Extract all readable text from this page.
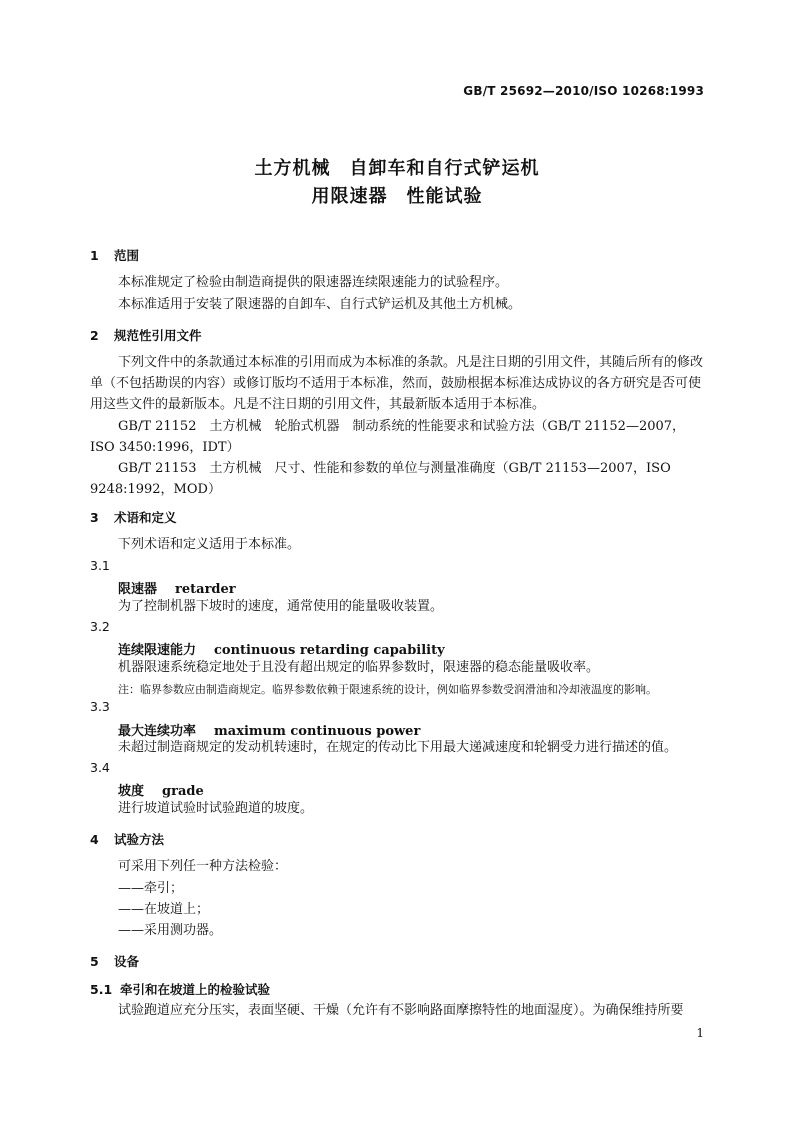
GB/T 25692—2010/ISO 10268:1993
土方机械　自卸车和自行式铲运机
用限速器　性能试验
1 范围
本标准规定了检验由制造商提供的限速器连续限速能力的试验程序。
本标准适用于安装了限速器的自卸车、自行式铲运机及其他土方机械。
2 规范性引用文件
下列文件中的条款通过本标准的引用而成为本标准的条款。凡是注日期的引用文件，其随后所有的修改单（不包括勘误的内容）或修订版均不适用于本标准，然而，鼓励根据本标准达成协议的各方研究是否可使用这些文件的最新版本。凡是不注日期的引用文件，其最新版本适用于本标准。
GB/T 21152　土方机械　轮胎式机器　制动系统的性能要求和试验方法（GB/T 21152—2007，ISO 3450:1996，IDT）
GB/T 21153　土方机械　尺寸、性能和参数的单位与测量准确度（GB/T 21153—2007，ISO 9248:1992，MOD）
3 术语和定义
下列术语和定义适用于本标准。
3.1
限速器 retarder
为了控制机器下坡时的速度，通常使用的能量吸收装置。
3.2
连续限速能力 continuous retarding capability
机器限速系统稳定地处于且没有超出规定的临界参数时，限速器的稳态能量吸收率。
注：临界参数应由制造商规定。临界参数依赖于限速系统的设计，例如临界参数受润滑油和冷却液温度的影响。
3.3
最大连续功率 maximum continuous power
未超过制造商规定的发动机转速时，在规定的传动比下用最大递减速度和轮辋受力进行描述的值。
3.4
坡度 grade
进行坡道试验时试验跑道的坡度。
4 试验方法
可采用下列任一种方法检验：
——牵引；
——在坡道上；
——采用测功器。
5 设备
5.1 牵引和在坡道上的检验试验
试验跑道应充分压实，表面坚硬、干燥（允许有不影响路面摩擦特性的地面湿度）。为确保维持所要
1
